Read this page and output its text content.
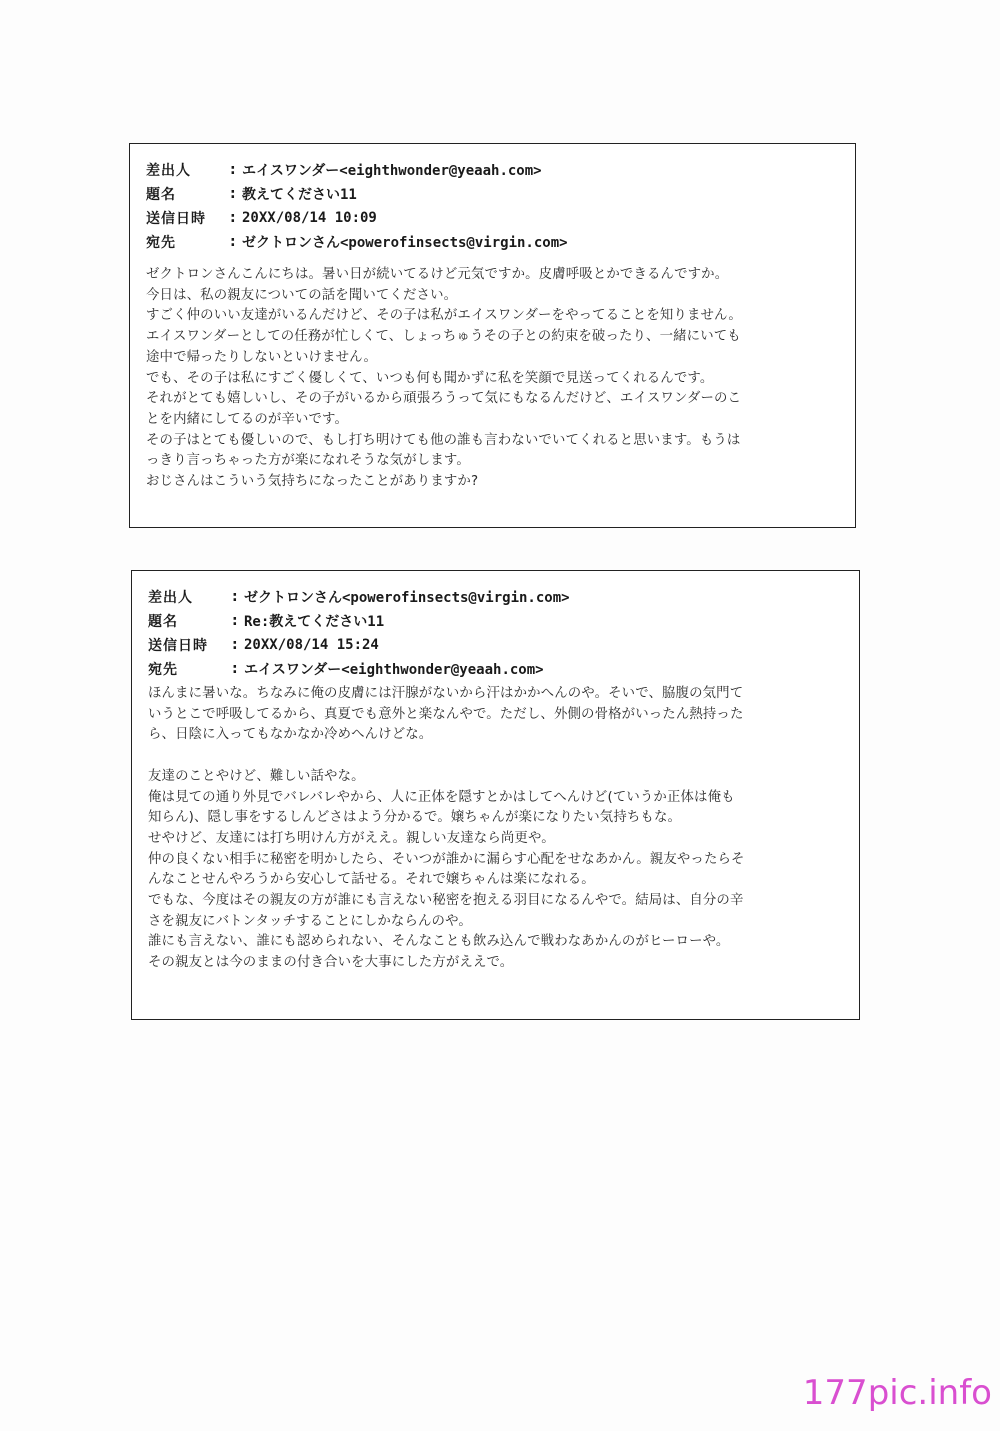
差出人	: エイスワンダー<eighthwonder@yeaah.com>
題名	: 教えてください11
送信日時	: 20XX/08/14 10:09
宛先	: ゼクトロンさん<powerofinsects@virgin.com>
ゼクトロンさんこんにちは。暑い日が続いてるけど元気ですか。皮膚呼吸とかできるんですか。
今日は、私の親友についての話を聞いてください。
すごく仲のいい友達がいるんだけど、その子は私がエイスワンダーをやってることを知りません。
エイスワンダーとしての任務が忙しくて、しょっちゅうその子との約束を破ったり、一緒にいても
途中で帰ったりしないといけません。
でも、その子は私にすごく優しくて、いつも何も聞かずに私を笑顔で見送ってくれるんです。
それがとても嬉しいし、その子がいるから頑張ろうって気にもなるんだけど、エイスワンダーのこ
とを内緒にしてるのが辛いです。
その子はとても優しいので、もし打ち明けても他の誰も言わないでいてくれると思います。もうは
っきり言っちゃった方が楽になれそうな気がします。
おじさんはこういう気持ちになったことがありますか?
差出人	: ゼクトロンさん<powerofinsects@virgin.com>
題名	: Re:教えてください11
送信日時	: 20XX/08/14 15:24
宛先	: エイスワンダー<eighthwonder@yeaah.com>
ほんまに暑いな。ちなみに俺の皮膚には汗腺がないから汗はかかへんのや。そいで、脇腹の気門て
いうとこで呼吸してるから、真夏でも意外と楽なんやで。ただし、外側の骨格がいったん熱持った
ら、日陰に入ってもなかなか冷めへんけどな。
友達のことやけど、難しい話やな。
俺は見ての通り外見でバレバレやから、人に正体を隠すとかはしてへんけど(ていうか正体は俺も
知らん)、隠し事をするしんどさはよう分かるで。嬢ちゃんが楽になりたい気持ちもな。
せやけど、友達には打ち明けん方がええ。親しい友達なら尚更や。
仲の良くない相手に秘密を明かしたら、そいつが誰かに漏らす心配をせなあかん。親友やったらそ
んなことせんやろうから安心して話せる。それで嬢ちゃんは楽になれる。
でもな、今度はその親友の方が誰にも言えない秘密を抱える羽目になるんやで。結局は、自分の辛
さを親友にバトンタッチすることにしかならんのや。
誰にも言えない、誰にも認められない、そんなことも飲み込んで戦わなあかんのがヒーローや。
その親友とは今のままの付き合いを大事にした方がええで。
177pic.info
